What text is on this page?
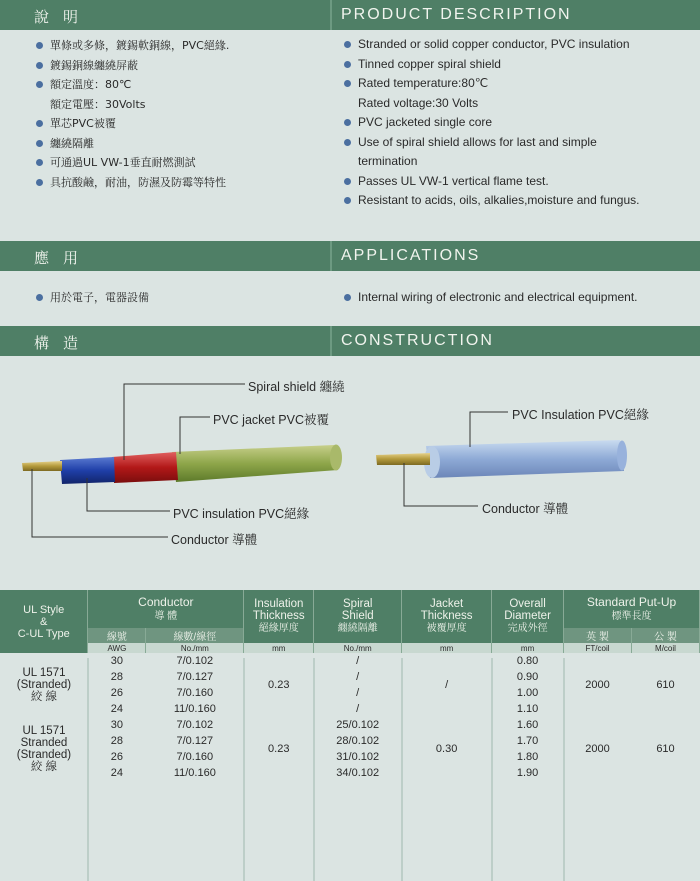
說明	PRODUCT DESCRIPTION
單條或多條，鍍錫軟銅線，PVC絕緣.
鍍錫銅線纏繞屏蔽
額定溫度：80℃
額定電壓：30Volts
單芯PVC被覆
纏繞隔離
可通過UL VW-1垂直耐燃測試
具抗酸鹼，耐油，防濕及防霉等特性
Stranded or solid copper conductor, PVC insulation
Tinned copper spiral shield
Rated temperature:80℃
Rated voltage:30 Volts
PVC jacketed single core
Use of spiral shield allows for last and simple
termination
Passes UL VW-1 vertical flame test.
Resistant to acids, oils, alkalies,moisture and fungus.
應用	APPLICATIONS
用於電子，電器設備	Internal wiring of electronic and electrical equipment.
構造	CONSTRUCTION
Spiral shield 纏繞
PVC jacket PVC被覆
PVC insulation PVC絕緣
Conductor 導體
PVC Insulation PVC絕緣
Conductor 導體
UL Style
&
C-UL Type	Conductor
導 體		Insulation
Thickness
絕緣厚度	Spiral
Shield
纏繞隔離	Jacket
Thickness
被覆厚度	Overall
Diameter
完成外徑	Standard Put-Up
標準長度	
	線號	線數/線徑					英 製	公 製
	AWG	No./mm	mm	No./mm	mm	mm	FT/coil	M/coil
UL 1571
(Stranded)
絞 線	30	7/0.102	0.23	/	/	0.80	2000	610
	28	7/0.127		/		0.90		
	26	7/0.160		/		1.00		
	24	11/0.160		/		1.10		
UL 1571
Stranded
(Stranded)
絞 線	30	7/0.102	0.23	25/0.102	0.30	1.60	2000	610
	28	7/0.127		28/0.102		1.70		
	26	7/0.160		31/0.102		1.80		
	24	11/0.160		34/0.102		1.90		
